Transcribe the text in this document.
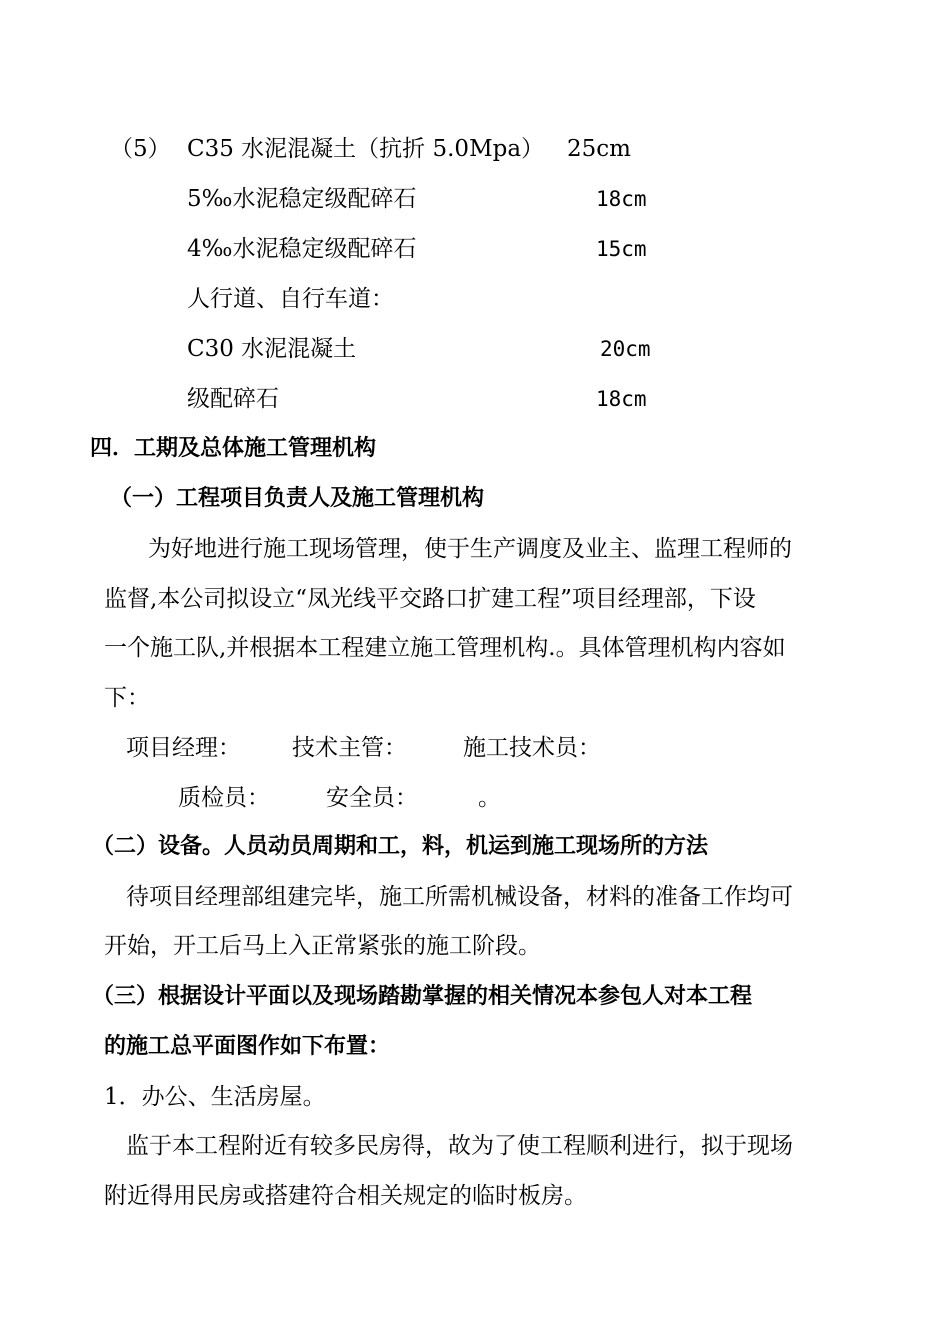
（5） C35 水泥混凝土（抗折 5.0Mpa） 25cm
5‰水泥稳定级配碎石	18cm
4‰水泥稳定级配碎石	15cm
人行道、自行车道：
C30 水泥混凝土	20cm
级配碎石	18cm
四．工期及总体施工管理机构
（一）工程项目负责人及施工管理机构
为好地进行施工现场管理，使于生产调度及业主、监理工程师的
监督,本公司拟设立“凤光线平交路口扩建工程”项目经理部，下设
一个施工队,并根据本工程建立施工管理机构.。具体管理机构内容如
下：
项目经理： 技术主管： 施工技术员：
质检员： 安全员：	。
（二）设备。人员动员周期和工，料，机运到施工现场所的方法
待项目经理部组建完毕，施工所需机械设备，材料的准备工作均可
开始，开工后马上入正常紧张的施工阶段。
（三）根据设计平面以及现场踏勘掌握的相关情况本参包人对本工程
的施工总平面图作如下布置：
1．办公、生活房屋。
监于本工程附近有较多民房得，故为了使工程顺利进行，拟于现场
附近得用民房或搭建符合相关规定的临时板房。
